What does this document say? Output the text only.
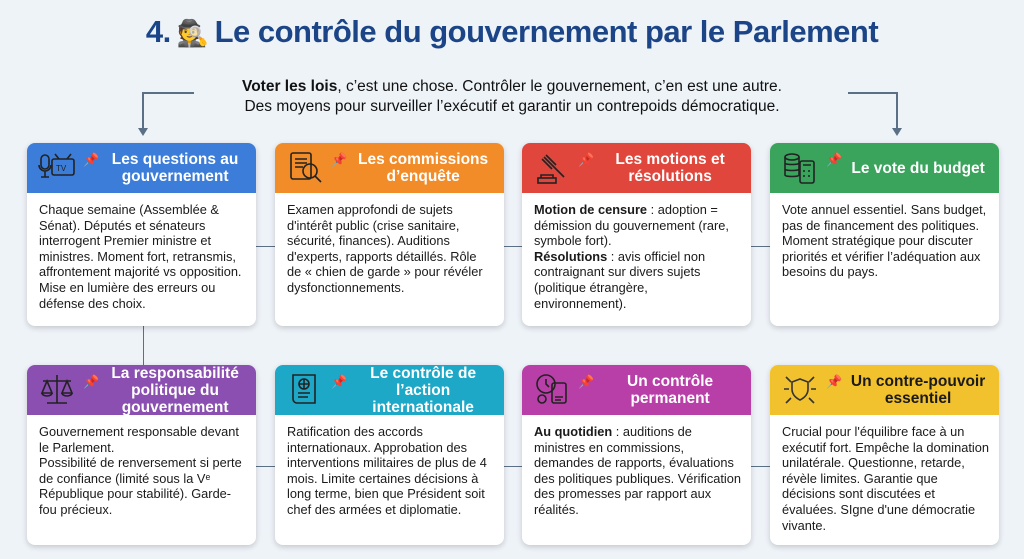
4. 🕵️ Le contrôle du gouvernement par le Parlement
Voter les lois, c’est une chose. Contrôler le gouvernement, c’en est une autre.
Des moyens pour surveiller l’exécutif et garantir un contrepoids démocratique.
TV
📌 Les questions au gouvernement

Chaque semaine (Assemblée & Sénat). Députés et sénateurs interrogent Premier ministre et ministres. Moment fort, retransmis, affrontement majorité vs opposition. Mise en lumière des erreurs ou défense des choix.

📌 Les commissions d’enquête

Examen approfondi de sujets d'intérêt public (crise sanitaire, sécurité, finances). Auditions d'experts, rapports détaillés. Rôle de « chien de garde » pour révéler dysfonctionnements.

📌	Les motions et résolutions

Motion de censure : adoption = démission du gouvernement (rare, symbole fort).

Résolutions : avis officiel non contraignant sur divers sujets (politique étrangère, environnement).

📌 Le vote du budget

Vote annuel essentiel. Sans budget, pas de financement des politiques.

Moment stratégique pour discuter priorités et vérifier l’adéquation aux besoins du pays.

📌 La responsabilité politique du gouvernement

Gouvernement responsable devant le Parlement.

Possibilité de renversement si perte de confiance (limité sous la Vᵉ République pour stabilité). Garde-fou précieux.

📌	Le contrôle de l’action internationale

Ratification des accords internationaux. Approbation des interventions militaires de plus de 4 mois. Limite certaines décisions à long terme, bien que Président soit chef des armées et diplomatie.

📌	Un contrôle permanent

Au quotidien : auditions de ministres en commissions, demandes de rapports, évaluations des politiques publiques. Vérification des promesses par rapport aux réalités.

📌 Un contre-pouvoir essentiel

Crucial pour l'équilibre face à un exécutif fort. Empêche la domination unilatérale. Questionne, retarde, révèle limites. Garantie que décisions sont discutées et évaluées. SIgne d'une démocratie vivante.
